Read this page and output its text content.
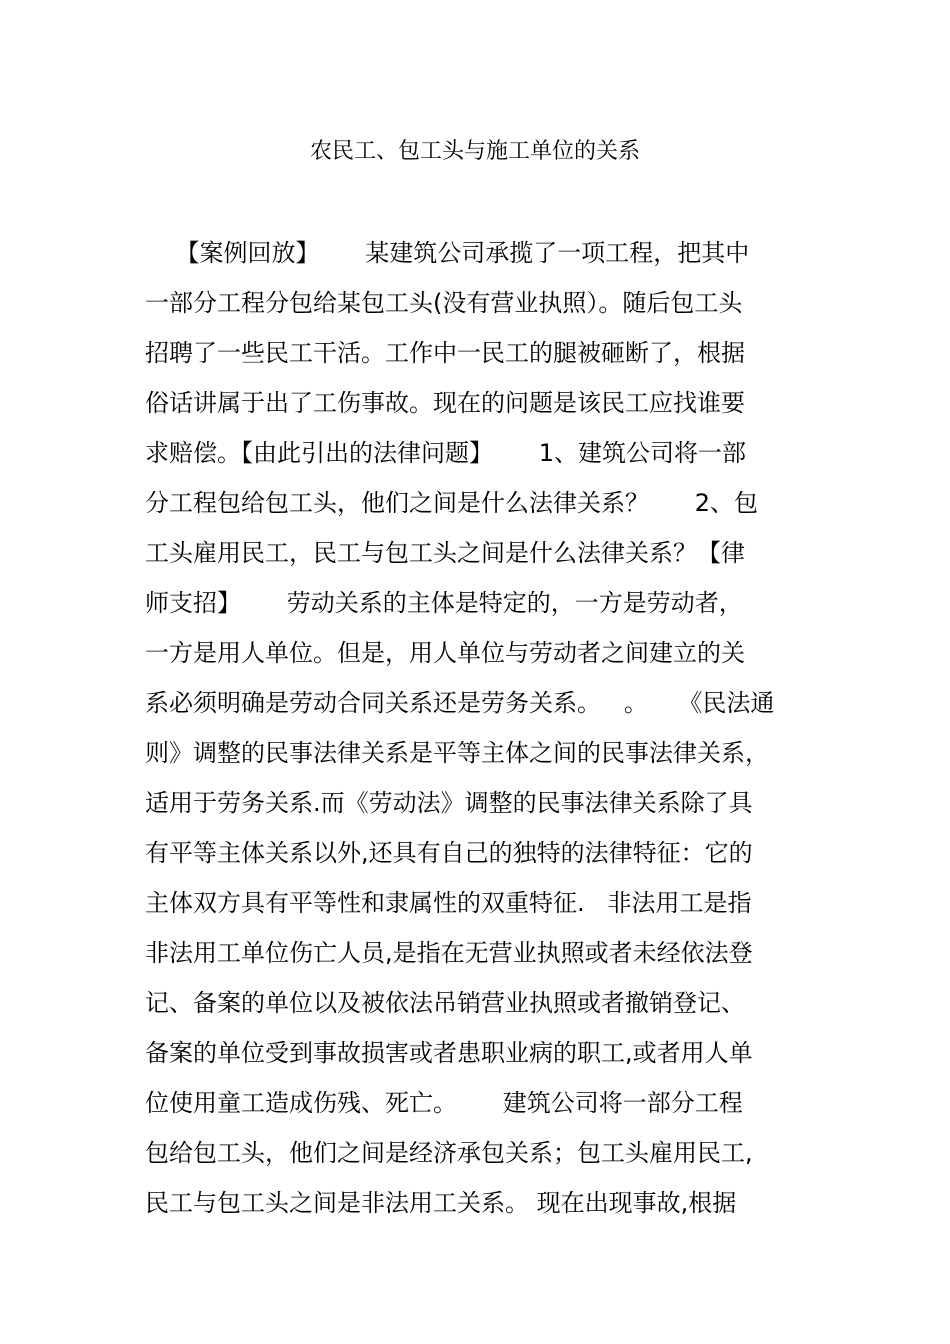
农民工、包工头与施工单位的关系
【案例回放】      某建筑公司承揽了一项工程，把其中
一部分工程分包给某包工头(没有营业执照）。随后包工头
招聘了一些民工干活。工作中一民工的腿被砸断了，根据
俗话讲属于出了工伤事故。现在的问题是该民工应找谁要
求赔偿。【由此引出的法律问题】      1、建筑公司将一部
分工程包给包工头，他们之间是什么法律关系？      2、包
工头雇用民工，民工与包工头之间是什么法律关系？【律
师支招】      劳动关系的主体是特定的，一方是劳动者，
一方是用人单位。但是，用人单位与劳动者之间建立的关
系必须明确是劳动合同关系还是劳务关系。   。    《民法通
则》调整的民事法律关系是平等主体之间的民事法律关系，
适用于劳务关系.而《劳动法》调整的民事法律关系除了具
有平等主体关系以外,还具有自己的独特的法律特征：它的
主体双方具有平等性和隶属性的双重特征.   非法用工是指
非法用工单位伤亡人员,是指在无营业执照或者未经依法登
记、备案的单位以及被依法吊销营业执照或者撤销登记、
备案的单位受到事故损害或者患职业病的职工,或者用人单
位使用童工造成伤残、死亡。      建筑公司将一部分工程
包给包工头，他们之间是经济承包关系；包工头雇用民工,
民工与包工头之间是非法用工关系。 现在出现事故,根据
